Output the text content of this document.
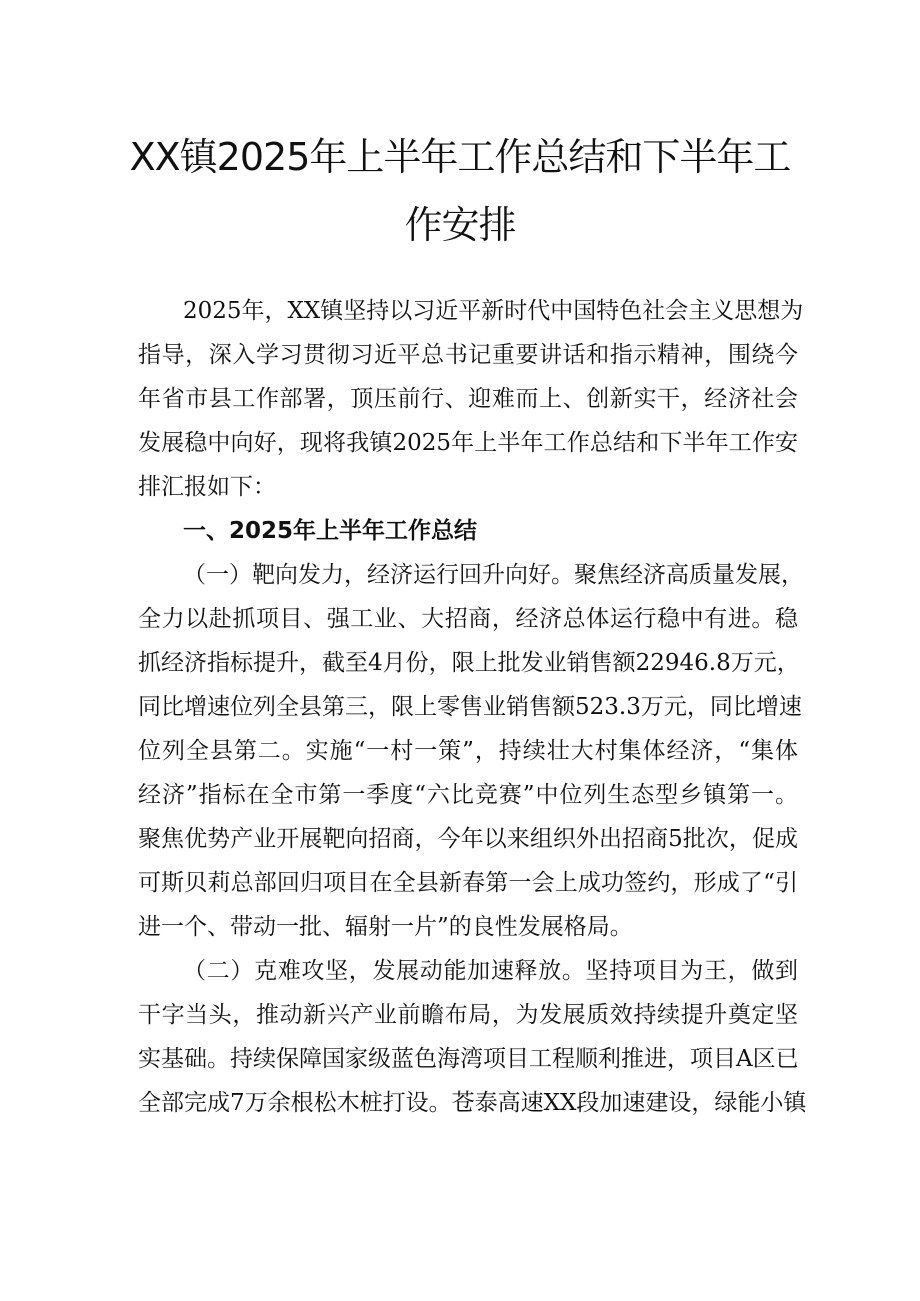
XX镇2025年上半年工作总结和下半年工
作安排
2025年，XX镇坚持以习近平新时代中国特色社会主义思想为
指导，深入学习贯彻习近平总书记重要讲话和指示精神，围绕今
年省市县工作部署，顶压前行、迎难而上、创新实干，经济社会
发展稳中向好，现将我镇2025年上半年工作总结和下半年工作安
排汇报如下：
一、2025年上半年工作总结
（一）靶向发力，经济运行回升向好。聚焦经济高质量发展，
全力以赴抓项目、强工业、大招商，经济总体运行稳中有进。稳
抓经济指标提升，截至4月份，限上批发业销售额22946.8万元，
同比增速位列全县第三，限上零售业销售额523.3万元，同比增速
位列全县第二。实施“一村一策”，持续壮大村集体经济，“集体
经济”指标在全市第一季度“六比竞赛”中位列生态型乡镇第一。
聚焦优势产业开展靶向招商，今年以来组织外出招商5批次，促成
可斯贝莉总部回归项目在全县新春第一会上成功签约，形成了“引
进一个、带动一批、辐射一片”的良性发展格局。
（二）克难攻坚，发展动能加速释放。坚持项目为王，做到
干字当头，推动新兴产业前瞻布局，为发展质效持续提升奠定坚
实基础。持续保障国家级蓝色海湾项目工程顺利推进，项目A区已
全部完成7万余根松木桩打设。苍泰高速XX段加速建设，绿能小镇
